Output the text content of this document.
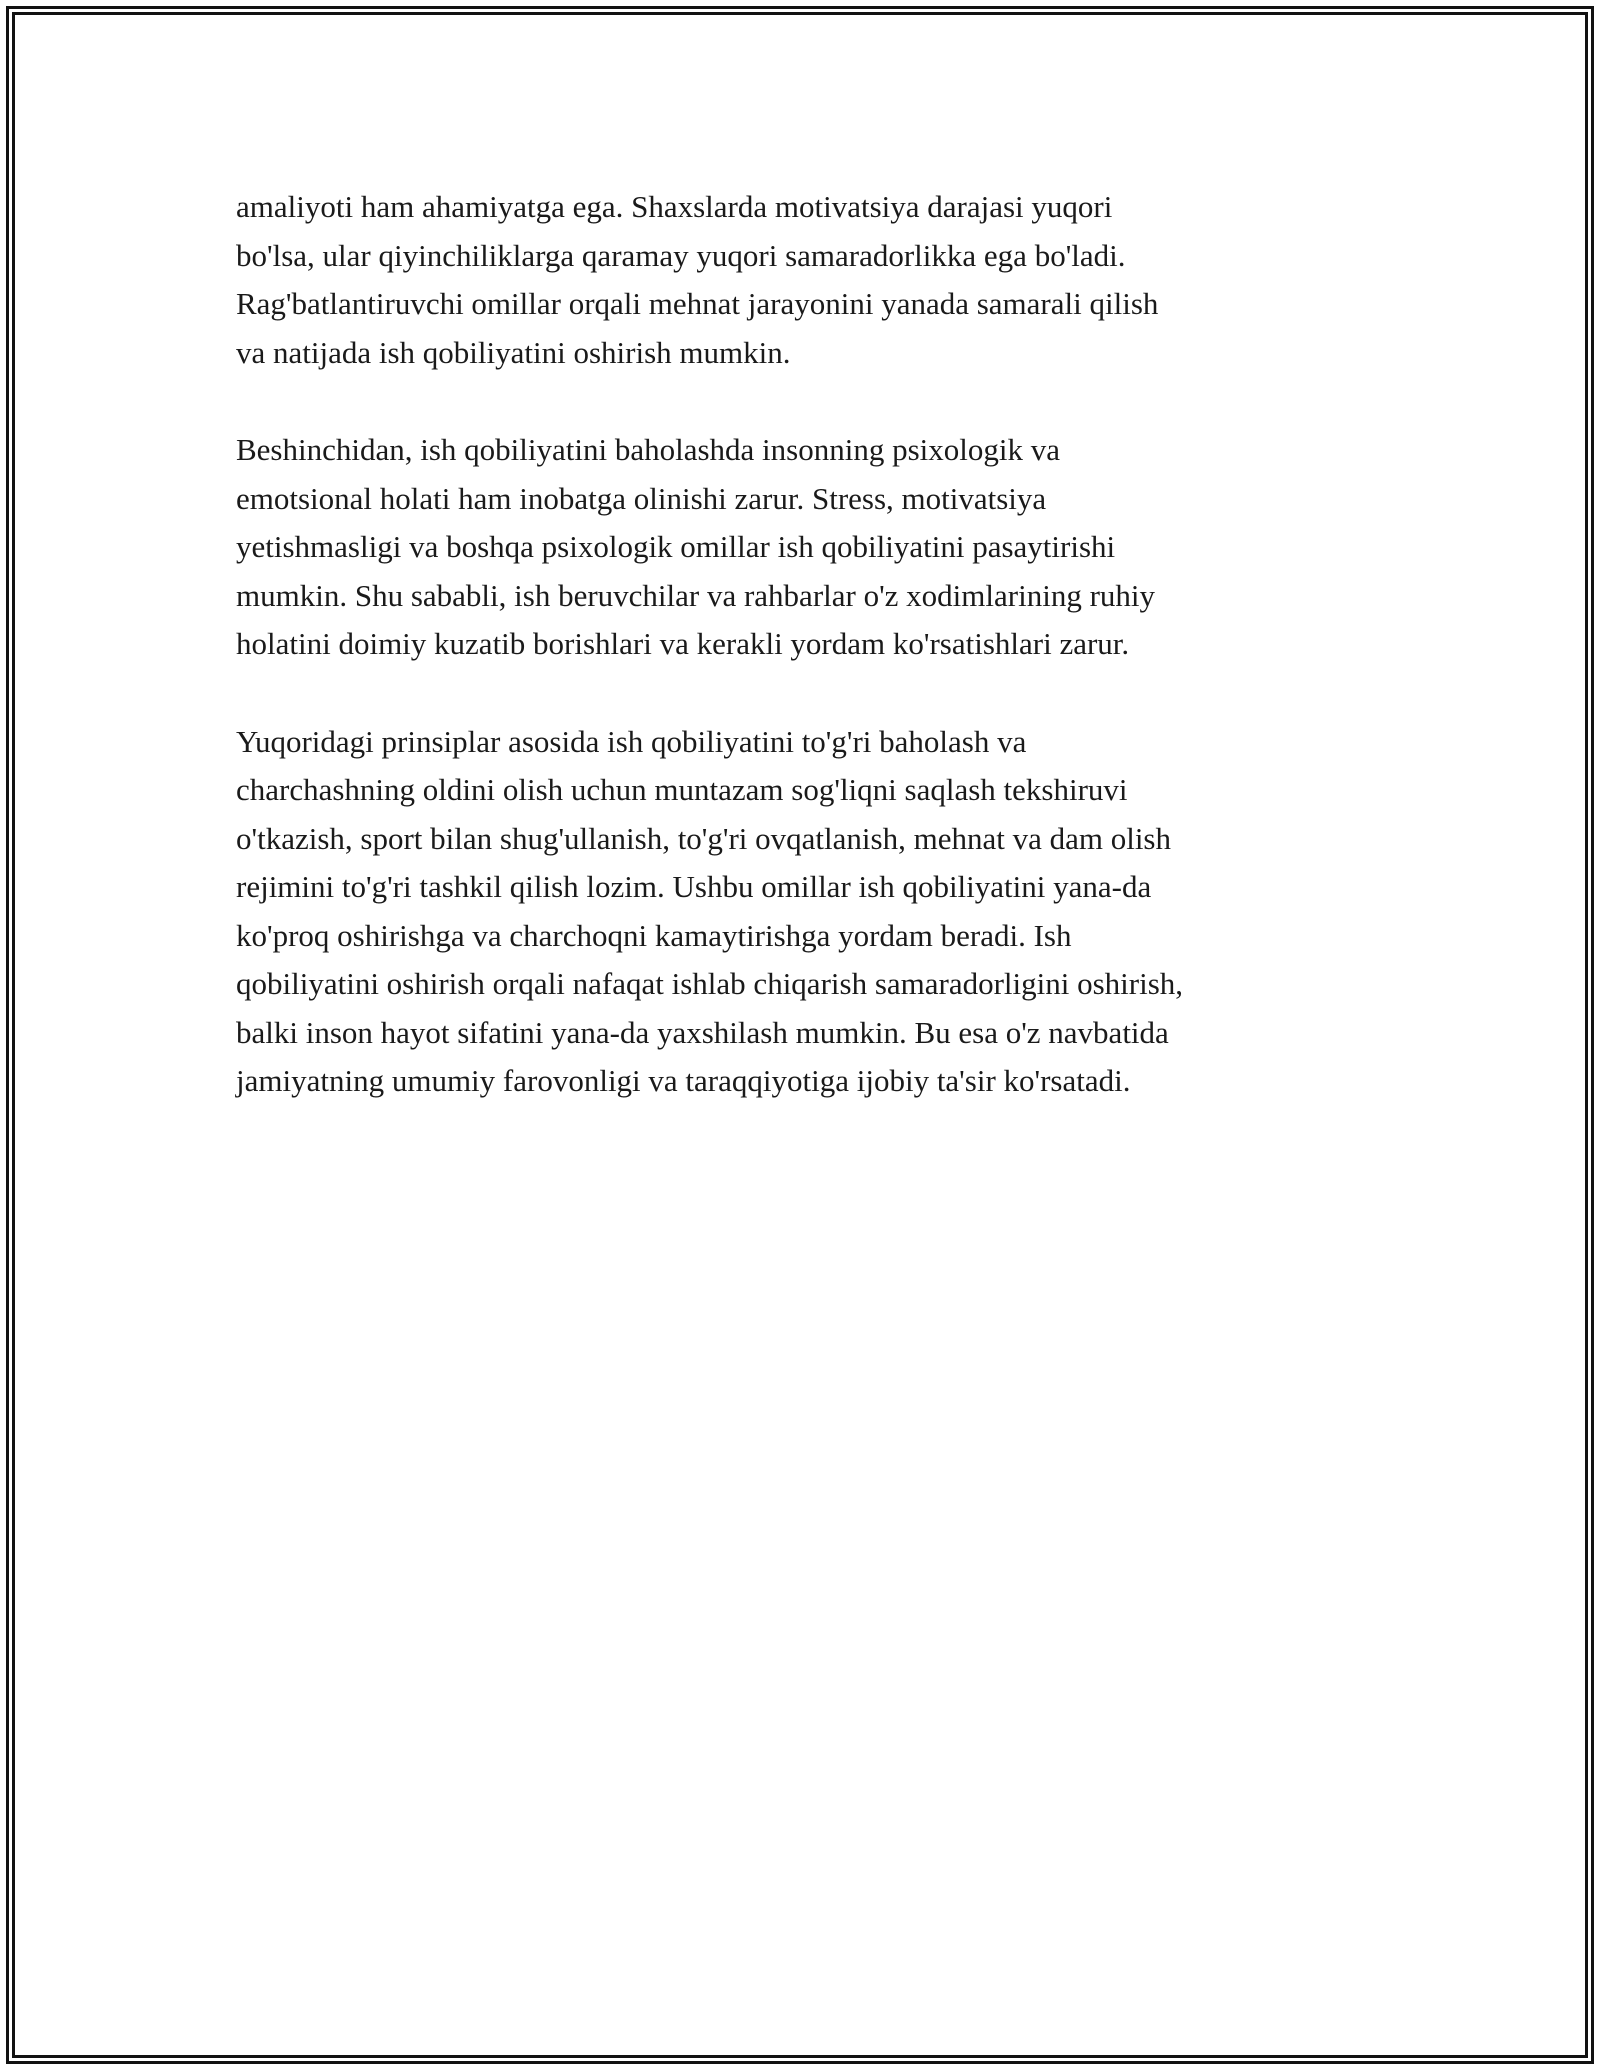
amaliyoti ham ahamiyatga ega. Shaxslarda motivatsiya darajasi yuqori
bo'lsa, ular qiyinchiliklarga qaramay yuqori samaradorlikka ega bo'ladi.
Rag'batlantiruvchi omillar orqali mehnat jarayonini yanada samarali qilish
va natijada ish qobiliyatini oshirish mumkin.

Beshinchidan, ish qobiliyatini baholashda insonning psixologik va
emotsional holati ham inobatga olinishi zarur. Stress, motivatsiya
yetishmasligi va boshqa psixologik omillar ish qobiliyatini pasaytirishi
mumkin. Shu sababli, ish beruvchilar va rahbarlar o'z xodimlarining ruhiy
holatini doimiy kuzatib borishlari va kerakli yordam ko'rsatishlari zarur.

Yuqoridagi prinsiplar asosida ish qobiliyatini to'g'ri baholash va
charchashning oldini olish uchun muntazam sog'liqni saqlash tekshiruvi
o'tkazish, sport bilan shug'ullanish, to'g'ri ovqatlanish, mehnat va dam olish
rejimini to'g'ri tashkil qilish lozim. Ushbu omillar ish qobiliyatini yana-da
ko'proq oshirishga va charchoqni kamaytirishga yordam beradi. Ish
qobiliyatini oshirish orqali nafaqat ishlab chiqarish samaradorligini oshirish,
balki inson hayot sifatini yana-da yaxshilash mumkin. Bu esa o'z navbatida
jamiyatning umumiy farovonligi va taraqqiyotiga ijobiy ta'sir ko'rsatadi.
